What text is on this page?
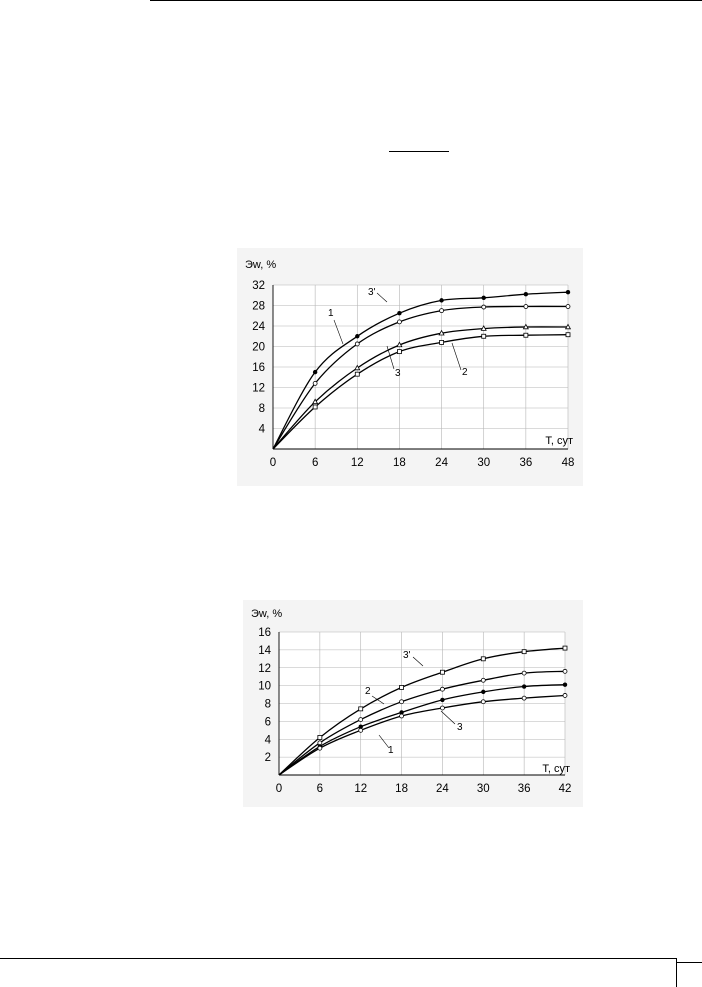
0	6	12	18	24	30	36	48
4
8
12
16
20
24
28
32
Эw, %
Т, сут
3'
1
2
3
0	6	12 18 24 30 36 42
2
4
6
8
10
12
14
16
Эw, %
Т, сут
3'
2
3
1
